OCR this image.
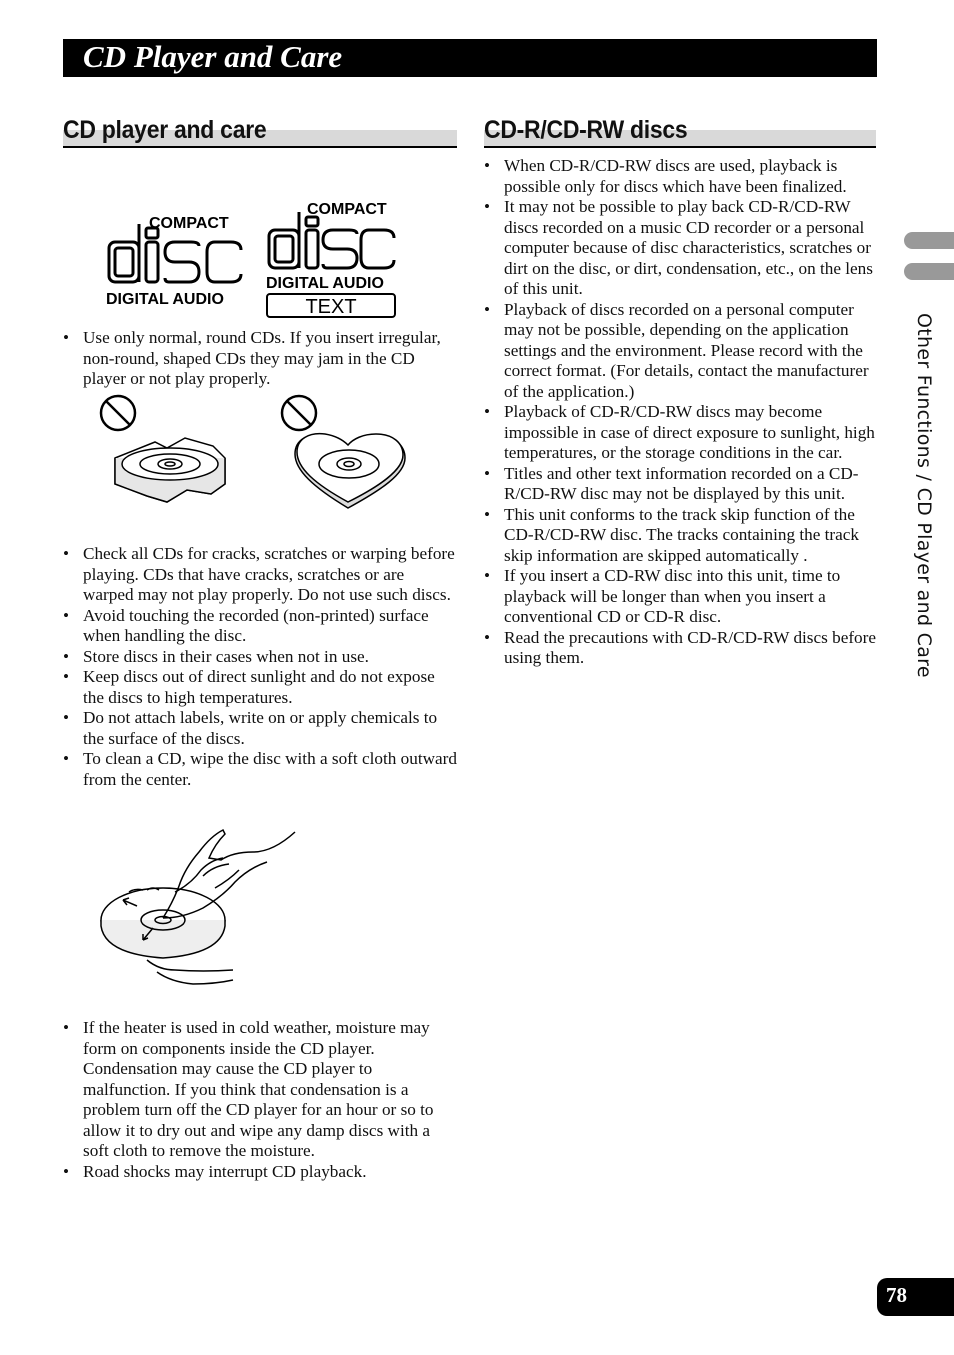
CD Player and Care
CD player and care	CD-R/CD-RW discs
• When CD-R/CD-RW discs are used, playback is possible only for discs which have been finalized.
• It may not be possible to play back CD-R/CD-RW discs recorded on a music CD recorder or a personal computer because of disc characteristics, scratches or dirt on the disc, or dirt, condensation, etc., on the lens of this unit.
• Playback of discs recorded on a personal computer may not be possible, depending on the application settings and the environment. Please record with the correct format. (For details, contact the manufacturer of the application.)
• Playback of CD-R/CD-RW discs may become impossible in case of direct exposure to sunlight, high temperatures, or the storage conditions in the car.
• Titles and other text information recorded on a CD-R/CD-RW disc may not be displayed by this unit.
• This unit conforms to the track skip function of the CD-R/CD-RW disc. The tracks containing the track skip information are skipped automatically .
• If you insert a CD-RW disc into this unit, time to playback will be longer than when you insert a conventional CD or CD-R disc.
• Read the precautions with CD-R/CD-RW discs before using them.
COMPACT
DIGITAL AUDIO
COMPACT
DIGITAL AUDIO
TEXT
• Use only normal, round CDs. If you insert irregular, non-round, shaped CDs they may jam in the CD player or not play properly.
• Check all CDs for cracks, scratches or warping before playing. CDs that have cracks, scratches or are warped may not play properly. Do not use such discs.
• Avoid touching the recorded (non-printed) surface when handling the disc.
• Store discs in their cases when not in use.
• Keep discs out of direct sunlight and do not expose the discs to high temperatures.
• Do not attach labels, write on or apply chemicals to the surface of the discs.
• To clean a CD, wipe the disc with a soft cloth outward from the center.
• If the heater is used in cold weather, moisture may form on components inside the CD player. Condensation may cause the CD player to malfunction. If you think that condensation is a problem turn off the CD player for an hour or so to allow it to dry out and wipe any damp discs with a soft cloth to remove the moisture.
• Road shocks may interrupt CD playback.
Other Functions / CD Player and Care
78
